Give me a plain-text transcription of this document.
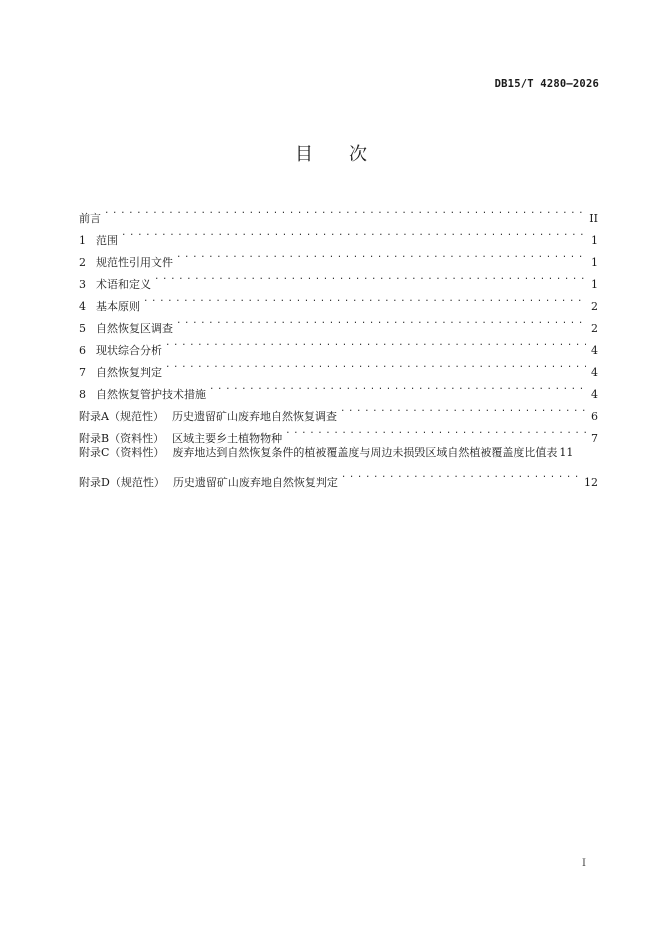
DB15/T 4280—2026
目 次
前言 . . .	II
1 范围 . . .	1
2 规范性引用文件 . . .	1
3 术语和定义 . . .	1
4 基本原则 . . .	2
5 自然恢复区调查 . . .	2
6 现状综合分析 . . .	4
7 自然恢复判定 . . .	4
8 自然恢复管护技术措施 . . .	4
附录A（规范性） 历史遗留矿山废弃地自然恢复调查 . . .	6
附录B（资料性） 区域主要乡土植物物种 . . .	7
附录C（资料性） 废弃地达到自然恢复条件的植被覆盖度与周边未损毁区域自然植被覆盖度比值表 11
附录D（规范性） 历史遗留矿山废弃地自然恢复判定 . . .	12
I
